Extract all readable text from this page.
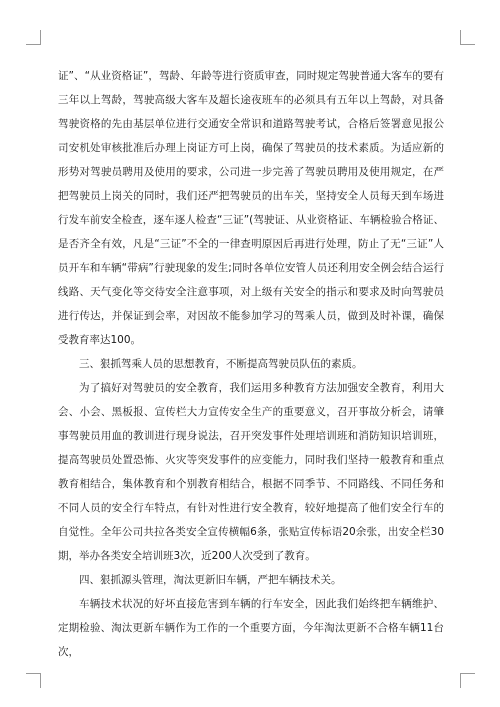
证”、“从业资格证”，驾龄、年龄等进行资质审查，同时规定驾驶普通大客车的要有三年以上驾龄，驾驶高级大客车及超长途夜班车的必须具有五年以上驾龄，对具备驾驶资格的先由基层单位进行交通安全常识和道路驾驶考试，合格后签署意见报公司安机处审核批准后办理上岗证方可上岗，确保了驾驶员的技术素质。为适应新的形势对驾驶员聘用及使用的要求，公司进一步完善了驾驶员聘用及使用规定，在严把驾驶员上岗关的同时，我们还严把驾驶员的出车关，坚持安全人员每天到车场进行发车前安全检查，逐车逐人检查“三证”(驾驶证、从业资格证、车辆检验合格证、是否齐全有效，凡是“三证”不全的一律查明原因后再进行处理，防止了无“三证”人员开车和车辆“带病”行驶现象的发生;同时各单位安管人员还利用安全例会结合运行线路、天气变化等交待安全注意事项，对上级有关安全的指示和要求及时向驾驶员进行传达，并保证到会率，对因故不能参加学习的驾乘人员，做到及时补课，确保受教育率达100。

三、狠抓驾乘人员的思想教育，不断提高驾驶员队伍的素质。

为了搞好对驾驶员的安全教育，我们运用多种教育方法加强安全教育，利用大会、小会、黑板报、宣传栏大力宣传安全生产的重要意义，召开事故分析会，请肇事驾驶员用血的教训进行现身说法，召开突发事件处理培训班和消防知识培训班，提高驾驶员处置恐怖、火灾等突发事件的应变能力，同时我们坚持一般教育和重点教育相结合，集体教育和个别教育相结合，根据不同季节、不同路线、不同任务和不同人员的安全行车特点，有针对性进行安全教育，较好地提高了他们安全行车的自觉性。全年公司共拉各类安全宣传横幅6条，张贴宣传标语20余张，出安全栏30期，举办各类安全培训班3次，近200人次受到了教育。

四、狠抓源头管理，淘汰更新旧车辆，严把车辆技术关。

车辆技术状况的好坏直接危害到车辆的行车安全，因此我们始终把车辆维护、定期检验、淘汰更新车辆作为工作的一个重要方面，今年淘汰更新不合格车辆11台次，
